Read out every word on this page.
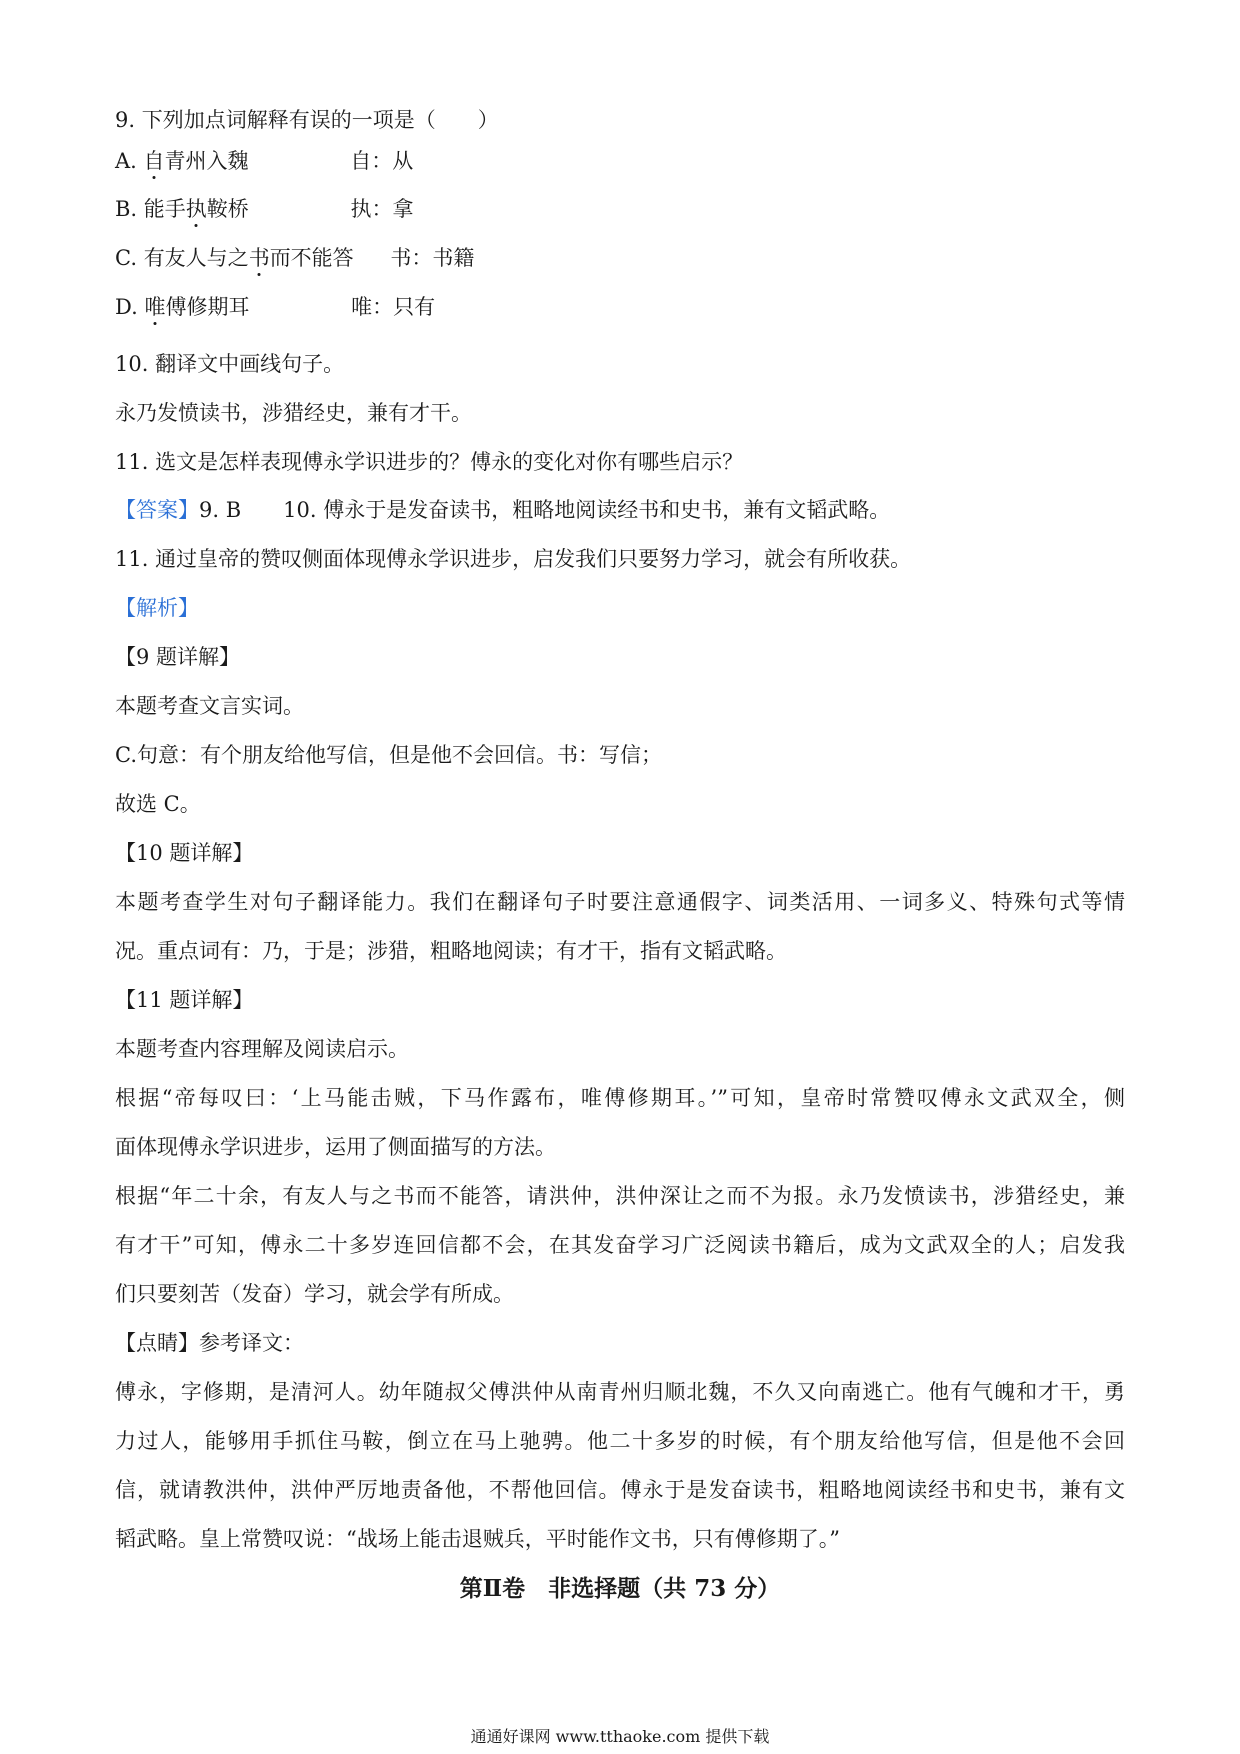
9. 下列加点词解释有误的一项是（　　）
A. 自青州入魏	自：从
B. 能手执鞍桥	执：拿
C. 有友人与之书而不能答 书：书籍
D. 唯傅修期耳	唯：只有
10. 翻译文中画线句子。
永乃发愤读书，涉猎经史，兼有才干。
11. 选文是怎样表现傅永学识进步的？傅永的变化对你有哪些启示？
【答案】9. B　　10. 傅永于是发奋读书，粗略地阅读经书和史书，兼有文韬武略。
11. 通过皇帝的赞叹侧面体现傅永学识进步，启发我们只要努力学习，就会有所收获。
【解析】
【9 题详解】
本题考查文言实词。
C.句意：有个朋友给他写信，但是他不会回信。书：写信；
故选 C。
【10 题详解】
本题考查学生对句子翻译能力。我们在翻译句子时要注意通假字、词类活用、一词多义、特殊句式等情
况。重点词有：乃，于是；涉猎，粗略地阅读；有才干，指有文韬武略。
【11 题详解】
本题考查内容理解及阅读启示。
根据“帝每叹曰：‘上马能击贼，下马作露布，唯傅修期耳。’”可知，皇帝时常赞叹傅永文武双全，侧
面体现傅永学识进步，运用了侧面描写的方法。
根据“年二十余，有友人与之书而不能答，请洪仲，洪仲深让之而不为报。永乃发愤读书，涉猎经史，兼
有才干”可知，傅永二十多岁连回信都不会，在其发奋学习广泛阅读书籍后，成为文武双全的人；启发我
们只要刻苦（发奋）学习，就会学有所成。
【点睛】参考译文：
傅永，字修期，是清河人。幼年随叔父傅洪仲从南青州归顺北魏，不久又向南逃亡。他有气魄和才干，勇
力过人，能够用手抓住马鞍，倒立在马上驰骋。他二十多岁的时候，有个朋友给他写信，但是他不会回
信，就请教洪仲，洪仲严厉地责备他，不帮他回信。傅永于是发奋读书，粗略地阅读经书和史书，兼有文
韬武略。皇上常赞叹说：“战场上能击退贼兵，平时能作文书，只有傅修期了。”
第Ⅱ卷　非选择题（共 73 分）
通通好课网 www.tthaoke.com 提供下载
